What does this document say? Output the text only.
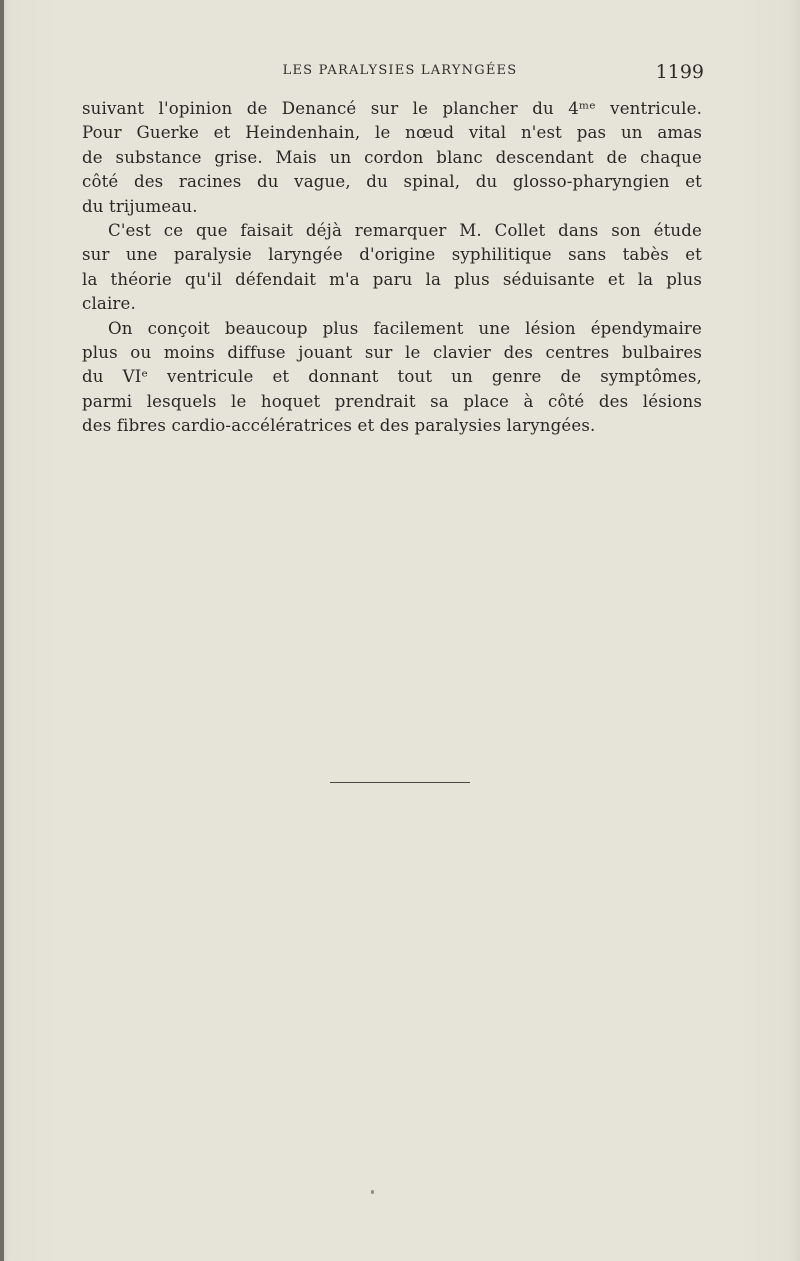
LES PARALYSIES LARYNGÉES	1199
suivant l'opinion de Denancé sur le plancher du 4ᵐᵉ ventricule.
Pour Guerke et Heindenhain, le nœud vital n'est pas un amas
de substance grise. Mais un cordon blanc descendant de chaque
côté des racines du vague, du spinal, du glosso-pharyngien et
du trijumeau.
C'est ce que faisait déjà remarquer M. Collet dans son étude
sur une paralysie laryngée d'origine syphilitique sans tabès et
la théorie qu'il défendait m'a paru la plus séduisante et la plus
claire.
On conçoit beaucoup plus facilement une lésion épendymaire
plus ou moins diffuse jouant sur le clavier des centres bulbaires
du VIᵉ ventricule et donnant tout un genre de symptômes,
parmi lesquels le hoquet prendrait sa place à côté des lésions
des fibres cardio-accélératrices et des paralysies laryngées.
